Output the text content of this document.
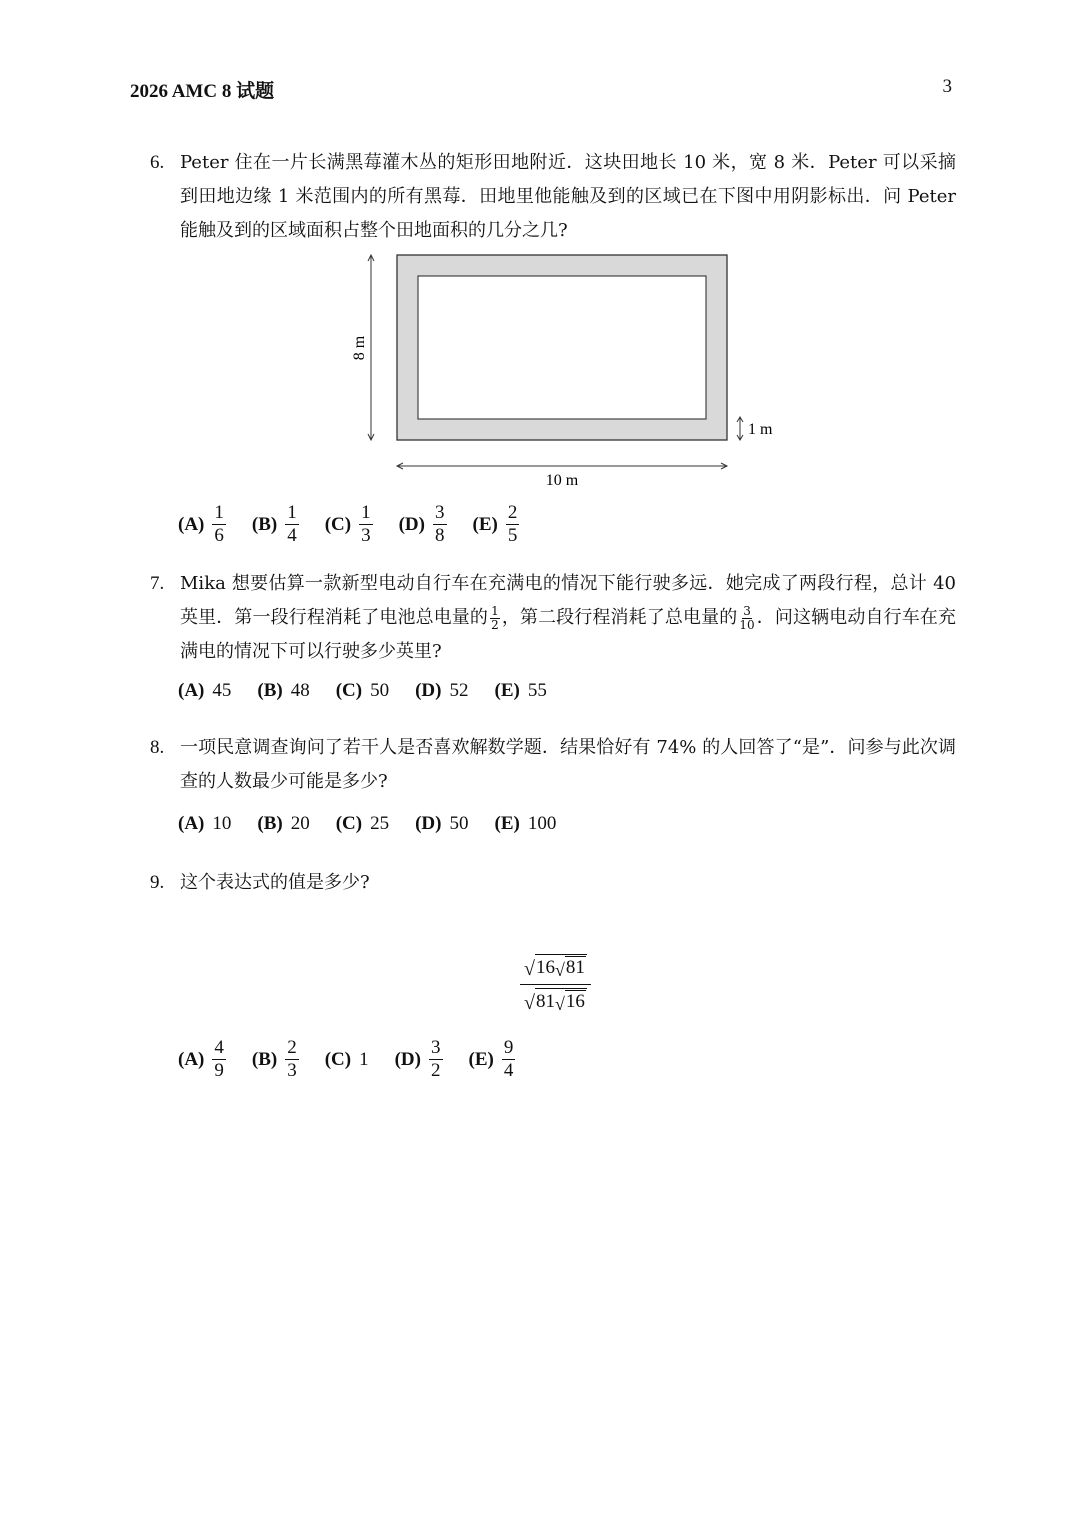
2026 AMC 8 试题	3
6. Peter 住在一片长满黑莓灌木丛的矩形田地附近．这块田地长 10 米，宽 8 米．Peter 可以采摘到田地边缘 1 米范围内的所有黑莓．田地里他能触及到的区域已在下图中用阴影标出．问 Peter 能触及到的区域面积占整个田地面积的几分之几?
8 m
10 m
1 m
$(A) \frac{1}{6} (B) \frac{1}{4} (C) \frac{1}{3} (D) \frac{3}{8} (E) \frac{2}{5}$
7. Mika 想要估算一款新型电动自行车在充满电的情况下能行驶多远．她完成了两段行程，总计 40 英里．第一段行程消耗了电池总电量的 $\frac{1}{2}$ ，第二段行程消耗了总电量的 $\frac{3}{10}$ ．问这辆电动自行车在充满电的情况下可以行驶多少英里?
(A) 45 (B) 48 (C) 50 (D) 52 (E) 55
8. 一项民意调查询问了若干人是否喜欢解数学题．结果恰好有 74% 的人回答了“是”．问参与此次调查的人数最少可能是多少?
(A) 10 (B) 20 (C) 25 (D) 50 (E) 100
9. 这个表达式的值是多少?
$\frac{√ 16 √ 81}{√ 81 √ 16}$
$(A) \frac{4}{9} (B) \frac{2}{3} (C)$ 1 $(D) \frac{3}{2} (E) \frac{9}{4}$
